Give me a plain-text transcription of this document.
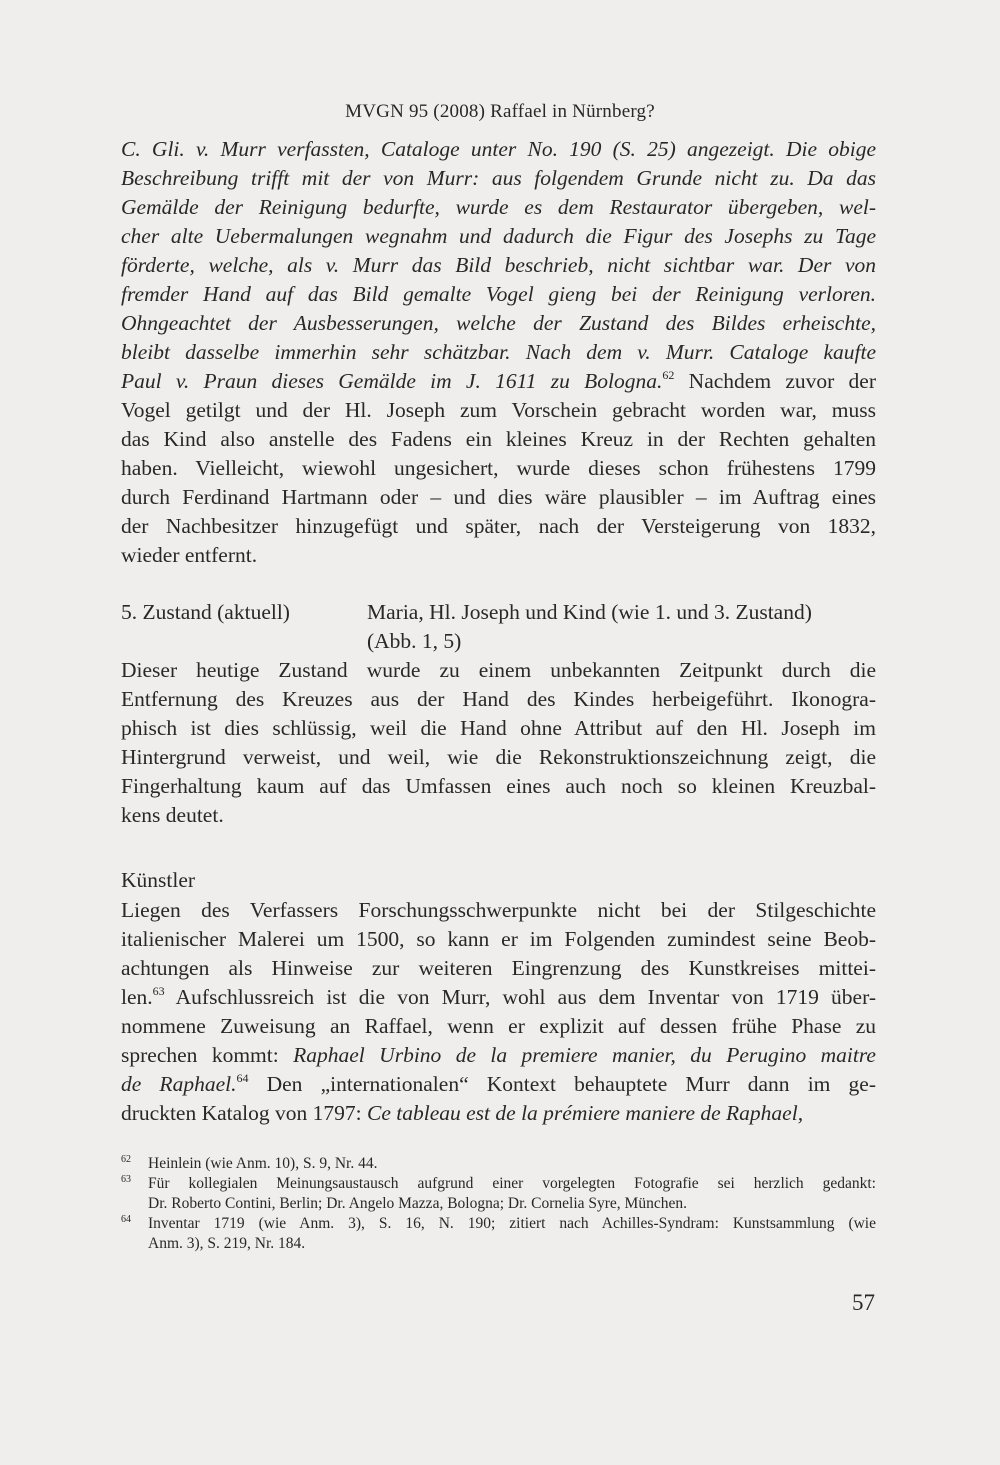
MVGN 95 (2008) Raffael in Nürnberg?
C. Gli. v. Murr verfassten, Cataloge unter No. 190 (S. 25) angezeigt. Die obige
Beschreibung trifft mit der von Murr: aus folgendem Grunde nicht zu. Da das
Gemälde der Reinigung bedurfte, wurde es dem Restaurator übergeben, wel-
cher alte Uebermalungen wegnahm und dadurch die Figur des Josephs zu Tage
förderte, welche, als v. Murr das Bild beschrieb, nicht sichtbar war. Der von
fremder Hand auf das Bild gemalte Vogel gieng bei der Reinigung verloren.
Ohngeachtet der Ausbesserungen, welche der Zustand des Bildes erheischte,
bleibt dasselbe immerhin sehr schätzbar. Nach dem v. Murr. Cataloge kaufte
Paul v. Praun dieses Gemälde im J. 1611 zu Bologna.$^{62}$ Nachdem zuvor der
Vogel getilgt und der Hl. Joseph zum Vorschein gebracht worden war, muss
das Kind also anstelle des Fadens ein kleines Kreuz in der Rechten gehalten
haben. Vielleicht, wiewohl ungesichert, wurde dieses schon frühestens 1799
durch Ferdinand Hartmann oder – und dies wäre plausibler – im Auftrag eines
der Nachbesitzer hinzugefügt und später, nach der Versteigerung von 1832,
wieder entfernt.
5. Zustand (aktuell)	Maria, Hl. Joseph und Kind (wie 1. und 3. Zustand)
(Abb. 1, 5)
Dieser heutige Zustand wurde zu einem unbekannten Zeitpunkt durch die
Entfernung des Kreuzes aus der Hand des Kindes herbeigeführt. Ikonogra-
phisch ist dies schlüssig, weil die Hand ohne Attribut auf den Hl. Joseph im
Hintergrund verweist, und weil, wie die Rekonstruktionszeichnung zeigt, die
Fingerhaltung kaum auf das Umfassen eines auch noch so kleinen Kreuzbal-
kens deutet.
Künstler
Liegen des Verfassers Forschungsschwerpunkte nicht bei der Stilgeschichte
italienischer Malerei um 1500, so kann er im Folgenden zumindest seine Beob-
achtungen als Hinweise zur weiteren Eingrenzung des Kunstkreises mittei-
len.$^{63}$ Aufschlussreich ist die von Murr, wohl aus dem Inventar von 1719 über-
nommene Zuweisung an Raffael, wenn er explizit auf dessen frühe Phase zu
sprechen kommt: Raphael Urbino de la premiere manier, du Perugino maitre
de Raphael.$^{64}$ Den „internationalen“ Kontext behauptete Murr dann im ge-
druckten Katalog von 1797: Ce tableau est de la prémiere maniere de Raphael,
62 Heinlein (wie Anm. 10), S. 9, Nr. 44.
63 Für kollegialen Meinungsaustausch aufgrund einer vorgelegten Fotografie sei herzlich gedankt:
Dr. Roberto Contini, Berlin; Dr. Angelo Mazza, Bologna; Dr. Cornelia Syre, München.
64 Inventar 1719 (wie Anm. 3), S. 16, N. 190; zitiert nach Achilles-Syndram: Kunstsammlung (wie
Anm. 3), S. 219, Nr. 184.
57
